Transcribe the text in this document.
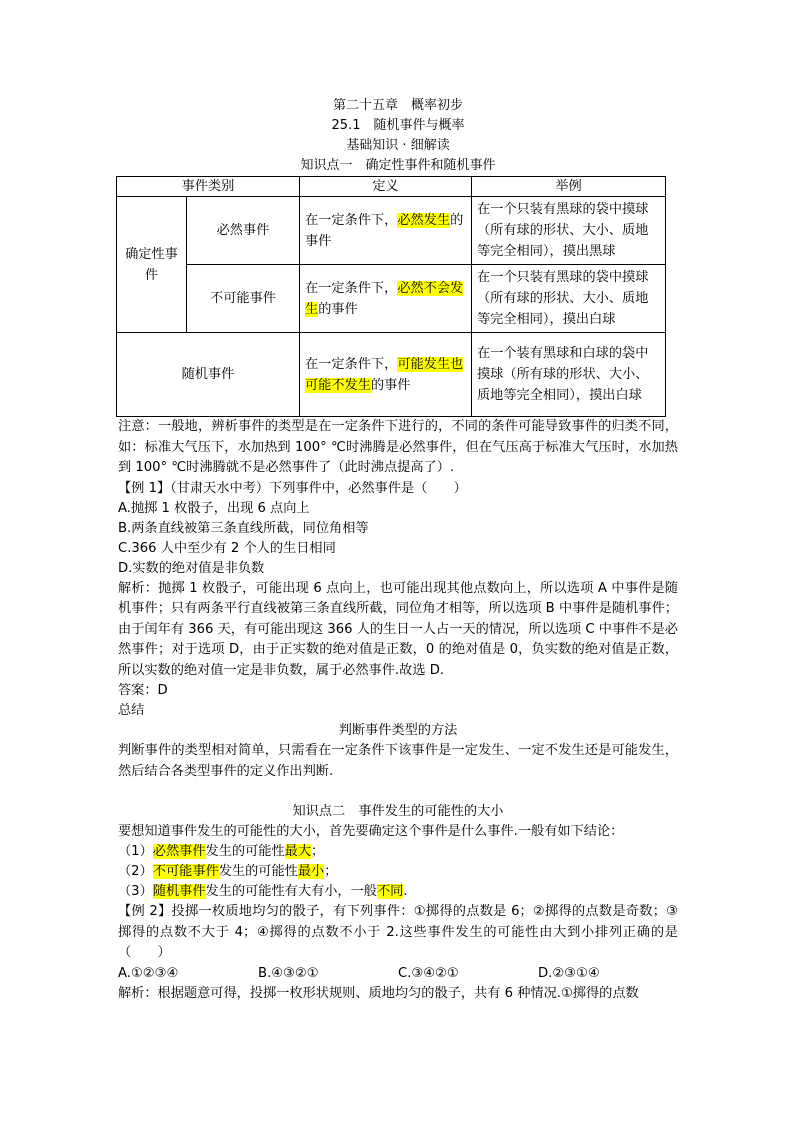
第二十五章　概率初步
25.1　随机事件与概率
基础知识 · 细解读
知识点一　确定性事件和随机事件
事件类别		定义	举例
确定性事件	必然事件	在一定条件下，必然发生的事件	在一个只装有黑球的袋中摸球（所有球的形状、大小、质地等完全相同），摸出黑球
	不可能事件	在一定条件下，必然不会发生的事件	在一个只装有黑球的袋中摸球（所有球的形状、大小、质地等完全相同），摸出白球
随机事件		在一定条件下，可能发生也可能不发生的事件	在一个装有黑球和白球的袋中摸球（所有球的形状、大小、质地等完全相同），摸出白球
注意：一般地，辨析事件的类型是在一定条件下进行的，不同的条件可能导致事件的归类不同，如：标准大气压下，水加热到 100° ℃时沸腾是必然事件，但在气压高于标准大气压时，水加热到 100° ℃时沸腾就不是必然事件了（此时沸点提高了）.
【例 1】（甘肃天水中考）下列事件中，必然事件是（　　）
A.抛掷 1 枚骰子，出现 6 点向上
B.两条直线被第三条直线所截，同位角相等
C.366 人中至少有 2 个人的生日相同
D.实数的绝对值是非负数
解析：抛掷 1 枚骰子，可能出现 6 点向上，也可能出现其他点数向上，所以选项 A 中事件是随机事件；只有两条平行直线被第三条直线所截，同位角才相等，所以选项 B 中事件是随机事件；由于闰年有 366 天，有可能出现这 366 人的生日一人占一天的情况，所以选项 C 中事件不是必然事件；对于选项 D，由于正实数的绝对值是正数，0 的绝对值是 0，负实数的绝对值是正数，所以实数的绝对值一定是非负数，属于必然事件.故选 D.
答案：D
总结
判断事件类型的方法
判断事件的类型相对简单，只需看在一定条件下该事件是一定发生、一定不发生还是可能发生，然后结合各类型事件的定义作出判断.
知识点二　事件发生的可能性的大小
要想知道事件发生的可能性的大小，首先要确定这个事件是什么事件.一般有如下结论：
（1）必然事件发生的可能性最大；
（2）不可能事件发生的可能性最小；
（3）随机事件发生的可能性有大有小，一般不同.
【例 2】投掷一枚质地均匀的骰子，有下列事件：①掷得的点数是 6；②掷得的点数是奇数；③掷得的点数不大于 4；④掷得的点数不小于 2.这些事件发生的可能性由大到小排列正确的是（　　）
A.①②③④	B.④③②①	C.③④②①	D.②③①④
解析：根据题意可得，投掷一枚形状规则、质地均匀的骰子，共有 6 种情况.①掷得的点数
